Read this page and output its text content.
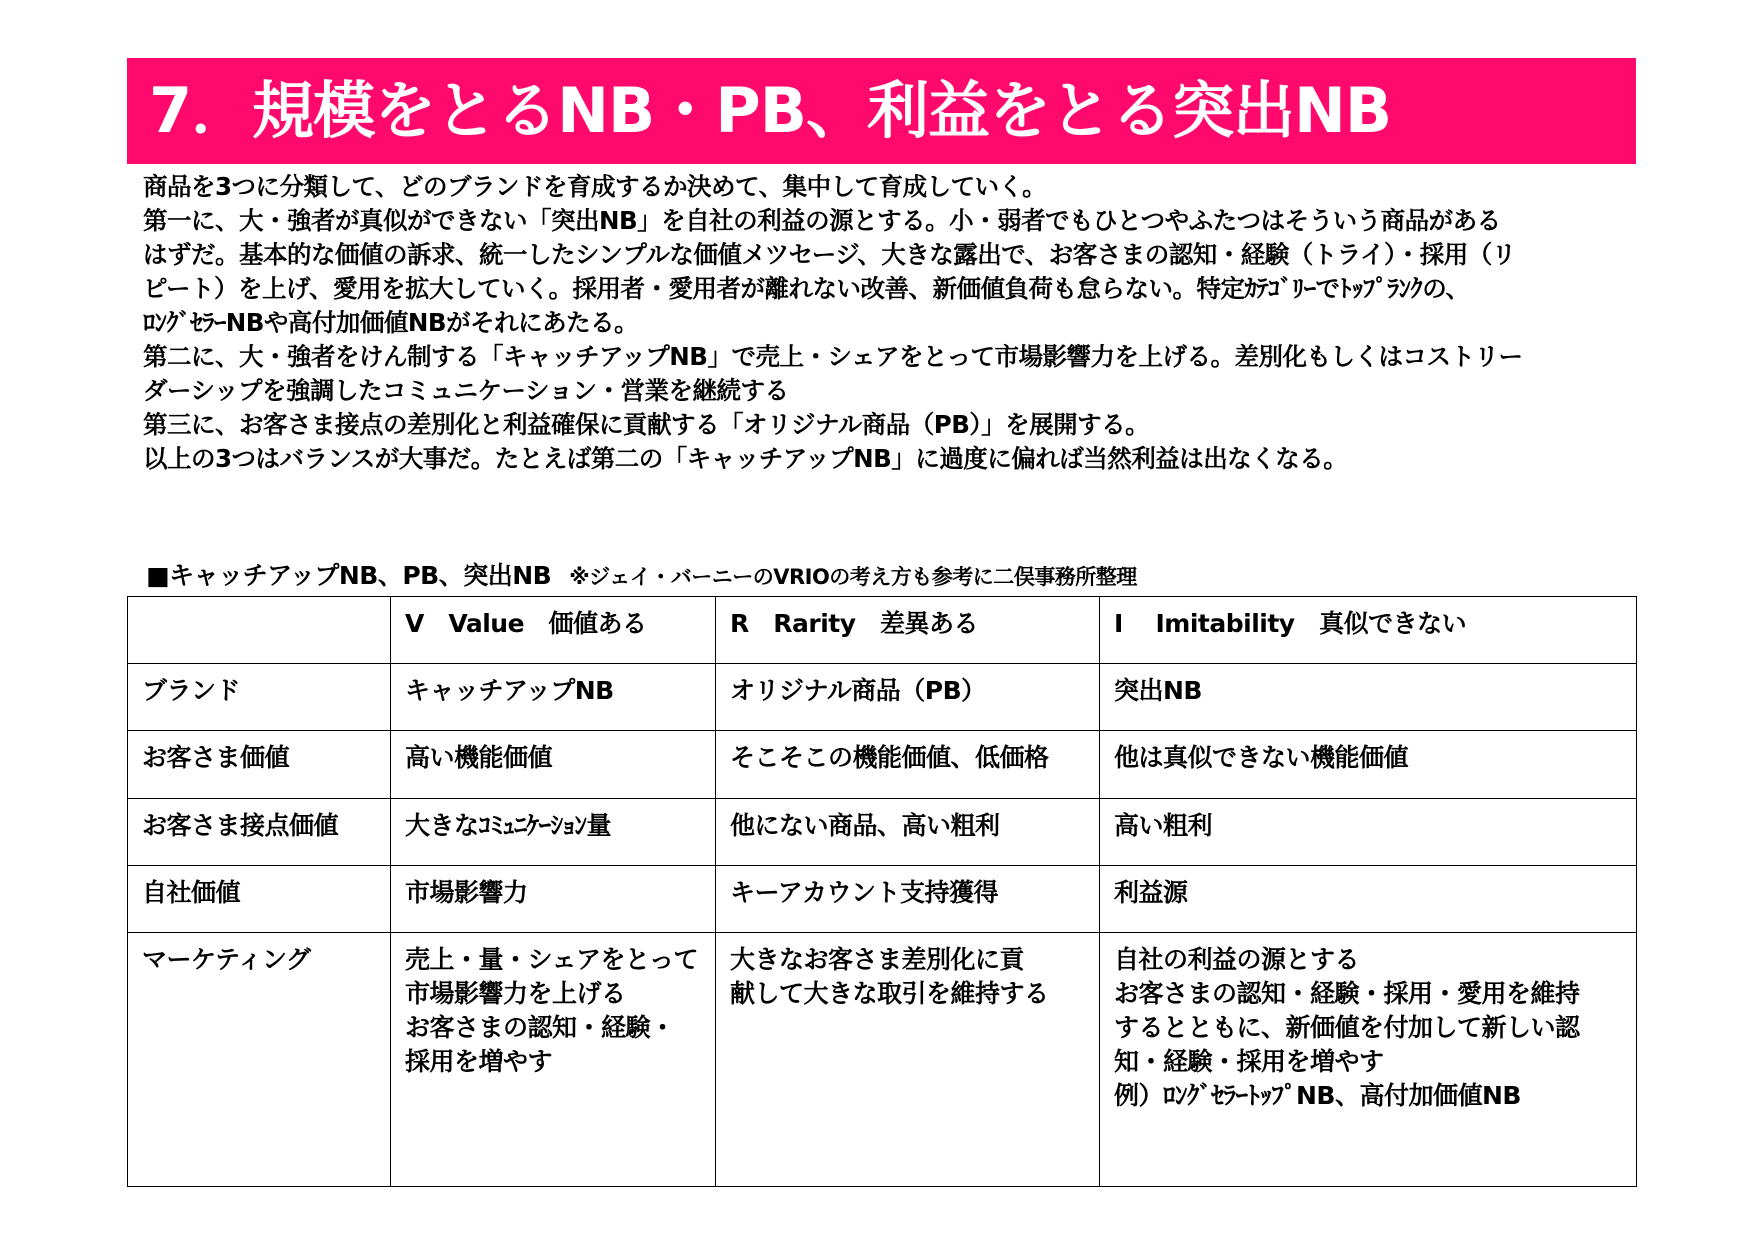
7．規模をとるNB・PB、利益をとる突出NB

商品を3つに分類して、どのブランドを育成するか決めて、集中して育成していく。

第一に、大・強者が真似ができない「突出NB」を自社の利益の源とする。小・弱者でもひとつやふたつはそういう商品がある

はずだ。基本的な価値の訴求、統一したシンプルな価値メツセージ、大きな露出で、お客さまの認知・経験（トライ）・採用（リ

ピート）を上げ、愛用を拡大していく。採用者・愛用者が離れない改善、新価値負荷も怠らない。特定ｶﾃｺﾞﾘｰでﾄｯﾌﾟﾗﾝｸの、

ﾛﾝｸﾞｾﾗｰNBや高付加価値NBがそれにあたる。

第二に、大・強者をけん制する「キャッチアップNB」で売上・シェアをとって市場影響力を上げる。差別化もしくはコストリー

ダーシップを強調したコミュニケーション・営業を継続する

第三に、お客さま接点の差別化と利益確保に貢献する「オリジナル商品（PB）」を展開する。

以上の3つはバランスが大事だ。たとえば第二の「キャッチアップNB」に過度に偏れば当然利益は出なくなる。

■キャッチアップNB、PB、突出NB ※ジェイ・バーニーのVRIOの考え方も参考に二俣事務所整理
	V　Value　価値ある	R　Rarity　差異ある	I　 Imitability　真似できない
ブランド	キャッチアップNB	オリジナル商品（PB）	突出NB
お客さま価値	高い機能価値	そこそこの機能価値、低価格	他は真似できない機能価値
お客さま接点価値	大きなｺﾐｭﾆｹｰｼｮﾝ量	他にない商品、高い粗利	高い粗利
自社価値	市場影響力	キーアカウント支持獲得	利益源
マーケティング	売上・量・シェアをとって
市場影響力を上げる
お客さまの認知・経験・
採用を増やす	大きなお客さま差別化に貢
献して大きな取引を維持する	自社の利益の源とする
お客さまの認知・経験・採用・愛用を維持
するとともに、新価値を付加して新しい認
知・経験・採用を増やす
例）ﾛﾝｸﾞｾﾗｰﾄｯﾌﾟNB、高付加価値NB
